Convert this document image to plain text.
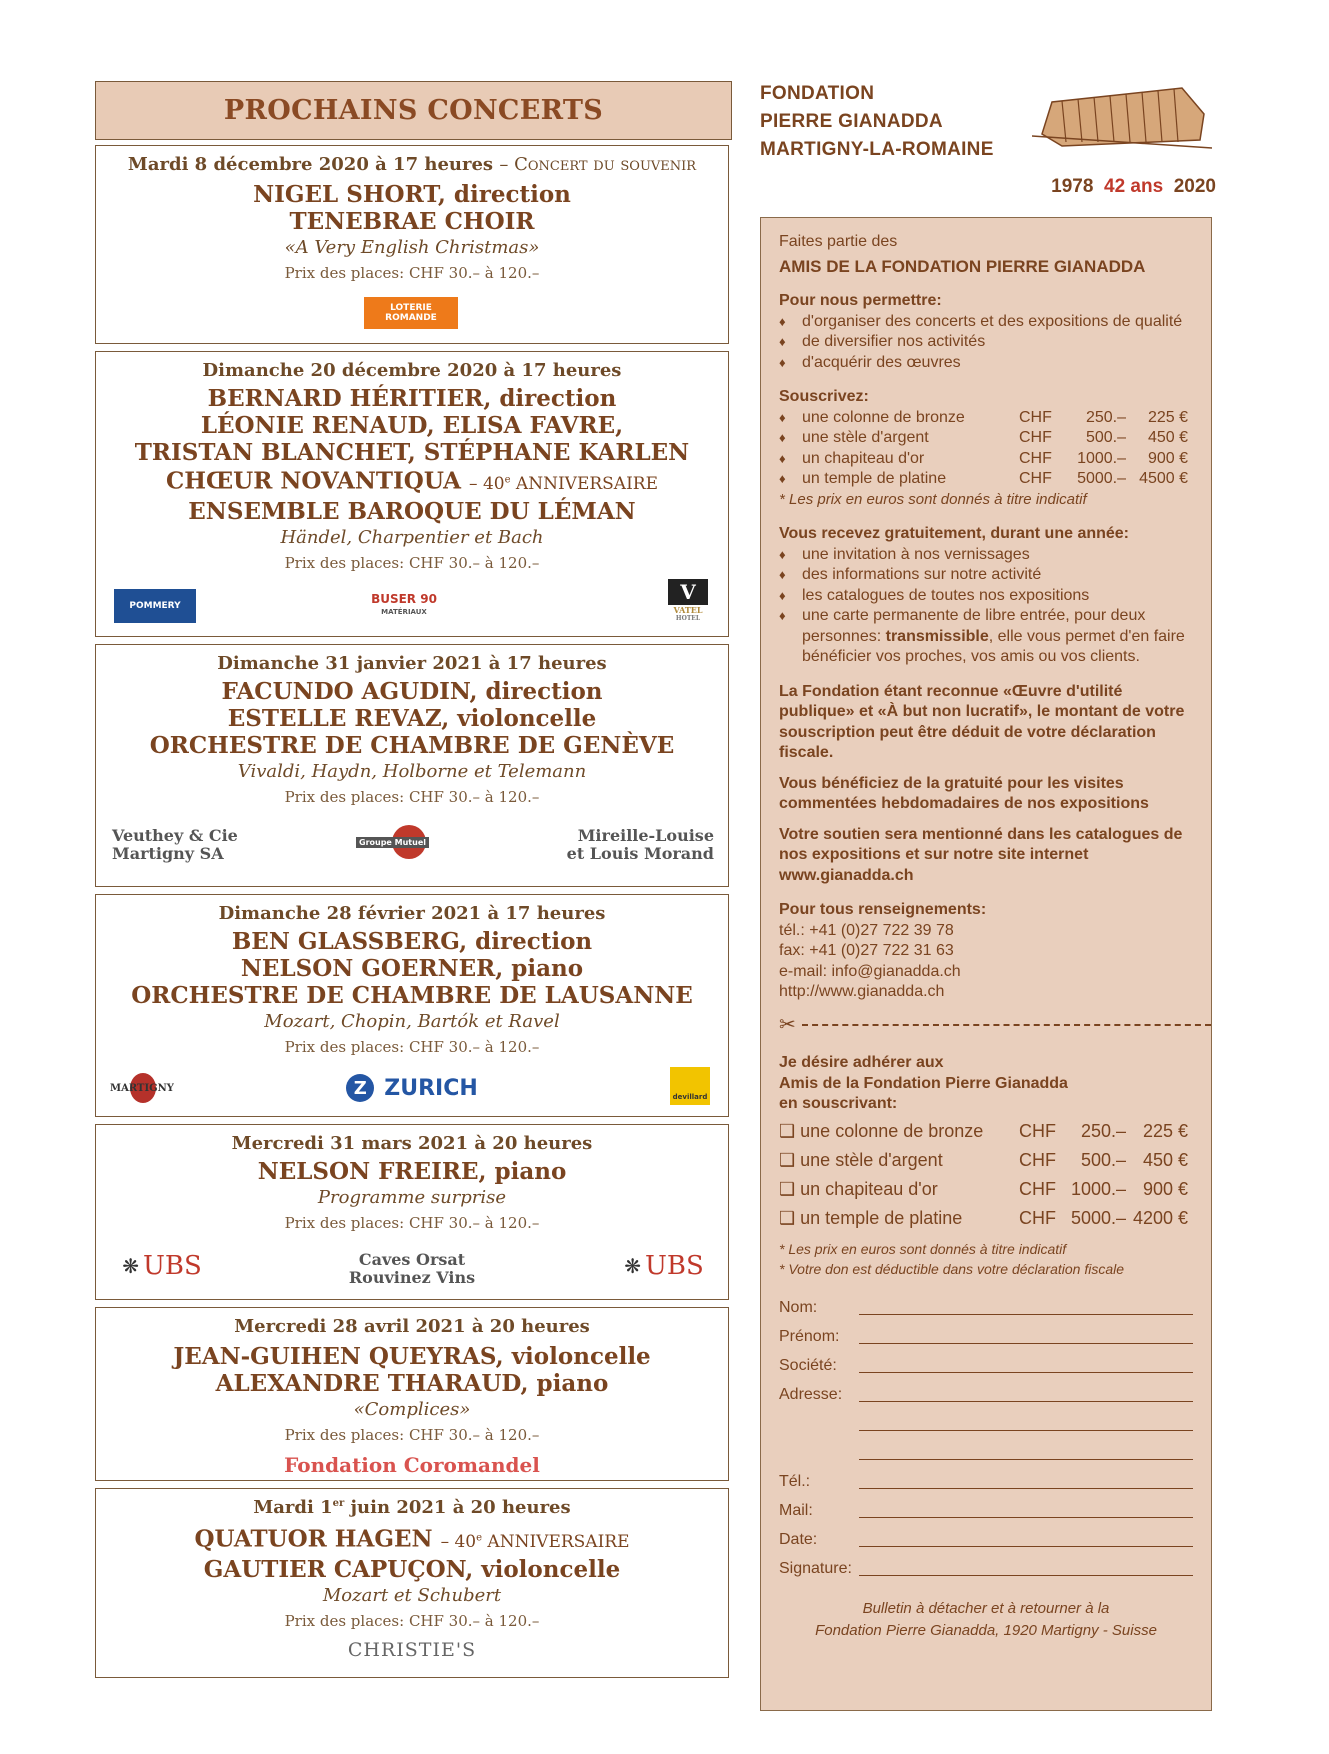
PROCHAINS CONCERTS
Mardi 8 décembre 2020 à 17 heures – Concert du souvenir
NIGEL SHORT, direction
TENEBRAE CHOIR
«A Very English Christmas»
Prix des places: CHF 30.– à 120.–
LOTERIE
ROMANDE
Dimanche 20 décembre 2020 à 17 heures
BERNARD HÉRITIER, direction
LÉONIE RENAUD, ELISA FAVRE,
TRISTAN BLANCHET, STÉPHANE KARLEN
CHŒUR NOVANTIQUA – 40e ANNIVERSAIRE
ENSEMBLE BAROQUE DU LÉMAN
Händel, Charpentier et Bach
Prix des places: CHF 30.– à 120.–
POMMERY	BUSER 90
MATÉRIAUX
V
VATEL
HOTEL
Dimanche 31 janvier 2021 à 17 heures
FACUNDO AGUDIN, direction
ESTELLE REVAZ, violoncelle
ORCHESTRE DE CHAMBRE DE GENÈVE
Vivaldi, Haydn, Holborne et Telemann
Prix des places: CHF 30.– à 120.–
Veuthey & Cie
Martigny SA
Groupe Mutuel	Mireille-Louise
et Louis Morand
Dimanche 28 février 2021 à 17 heures
BEN GLASSBERG, direction
NELSON GOERNER, piano
ORCHESTRE DE CHAMBRE DE LAUSANNE
Mozart, Chopin, Bartók et Ravel
Prix des places: CHF 30.– à 120.–
MARTIGNY	Z ZURICH	devillard
Mercredi 31 mars 2021 à 20 heures
NELSON FREIRE, piano
Programme surprise
Prix des places: CHF 30.– à 120.–
❋ UBS	Caves Orsat
Rouvinez Vins	❋ UBS
Mercredi 28 avril 2021 à 20 heures
JEAN-GUIHEN QUEYRAS, violoncelle
ALEXANDRE THARAUD, piano
«Complices»
Prix des places: CHF 30.– à 120.–
Fondation Coromandel
Mardi 1er juin 2021 à 20 heures
QUATUOR HAGEN – 40e ANNIVERSAIRE
GAUTIER CAPUÇON, violoncelle
Mozart et Schubert
Prix des places: CHF 30.– à 120.–
CHRISTIE'S
FONDATION
PIERRE GIANADDA
MARTIGNY-LA-ROMAINE
1978 42 ans 2020
Faites partie des
AMIS DE LA FONDATION PIERRE GIANADDA
Pour nous permettre:
♦	d'organiser des concerts et des expositions de qualité
♦	de diversifier nos activités
♦	d'acquérir des œuvres
Souscrivez:
♦	une colonne de bronze	CHF	250.–	225 €
♦	une stèle d'argent	CHF	500.–	450 €
♦	un chapiteau d'or	CHF	1000.–	900 €
♦	un temple de platine	CHF	5000.– 4500 €
* Les prix en euros sont donnés à titre indicatif
Vous recevez gratuitement, durant une année:
♦	une invitation à nos vernissages
♦	des informations sur notre activité
♦	les catalogues de toutes nos expositions
♦	une carte permanente de libre entrée, pour deux personnes: transmissible, elle vous permet d'en faire bénéficier vos proches, vos amis ou vos clients.
La Fondation étant reconnue «Œuvre d'utilité publique» et «À but non lucratif», le montant de votre souscription peut être déduit de votre déclaration fiscale.
Vous bénéficiez de la gratuité pour les visites commentées hebdomadaires de nos expositions
Votre soutien sera mentionné dans les catalogues de nos expositions et sur notre site internet www.gianadda.ch
Pour tous renseignements:
tél.: +41 (0)27 722 39 78
fax: +41 (0)27 722 31 63
e-mail: info@gianadda.ch
http://www.gianadda.ch
✂
Je désire adhérer aux
Amis de la Fondation Pierre Gianadda
en souscrivant:
❑ une colonne de bronze	CHF	250.– 225 €
❑ une stèle d'argent	CHF	500.– 450 €
❑ un chapiteau d'or	CHF 1000.– 900 €
❑ un temple de platine	CHF 5000.– 4200 €
* Les prix en euros sont donnés à titre indicatif
* Votre don est déductible dans votre déclaration fiscale
Nom:
Prénom:
Société:
Adresse:
Tél.:
Mail:
Date:
Signature:
Bulletin à détacher et à retourner à la
Fondation Pierre Gianadda, 1920 Martigny - Suisse
